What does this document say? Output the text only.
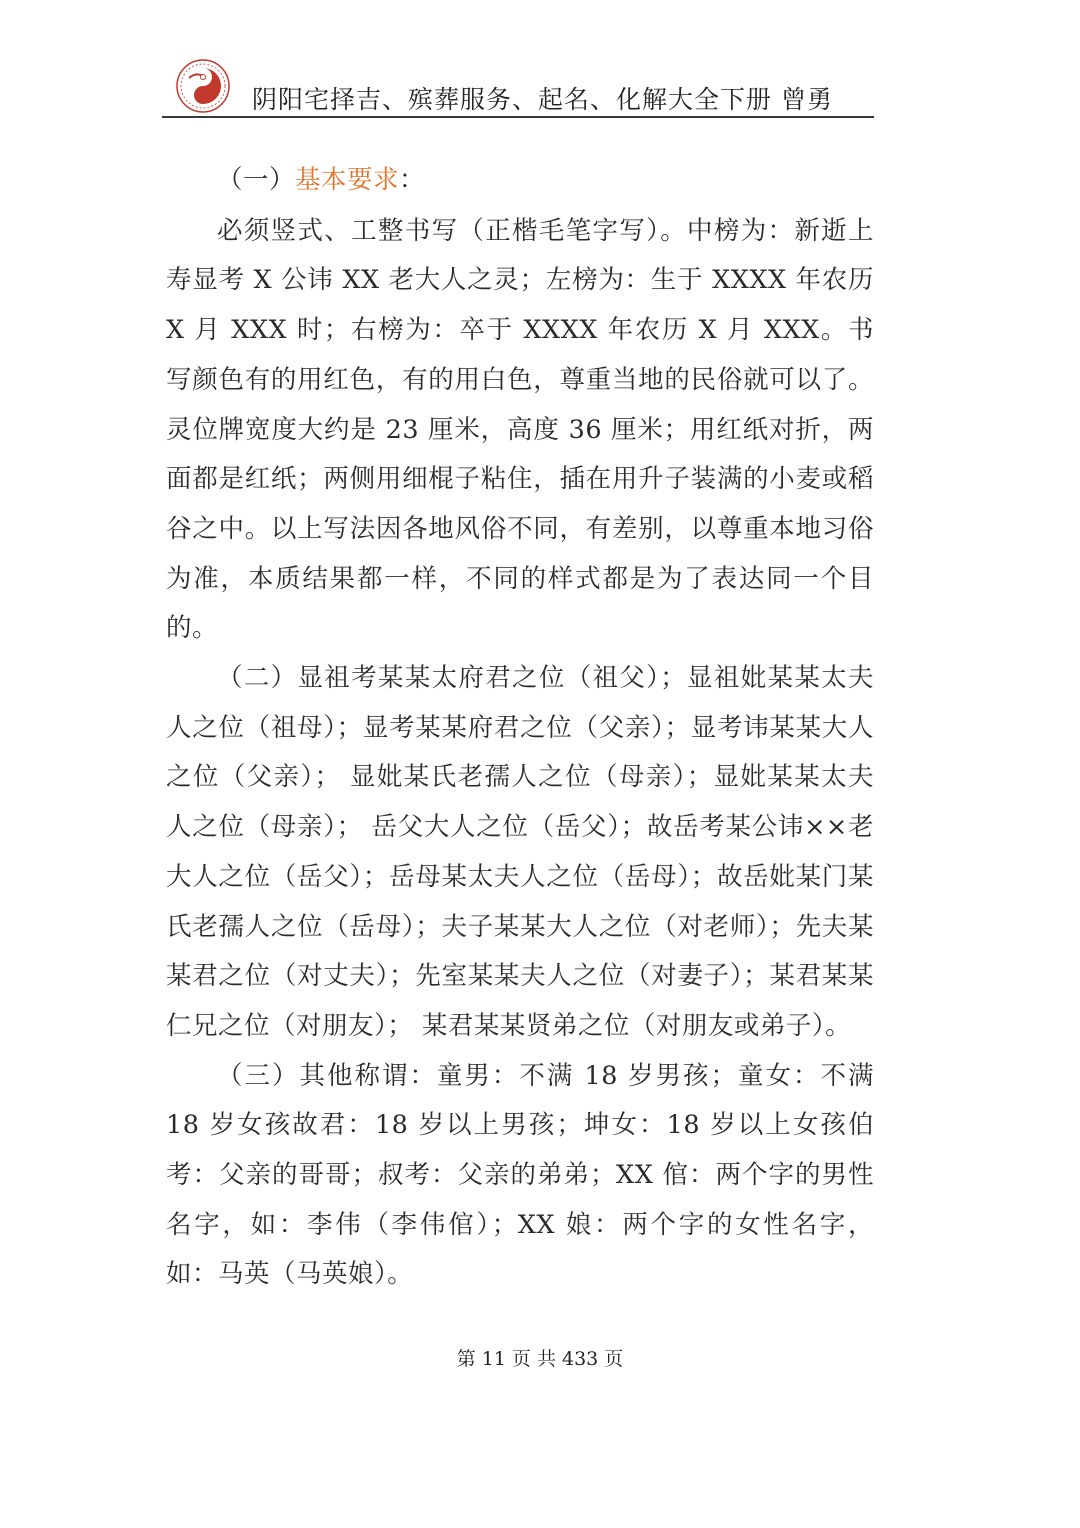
阴阳宅择吉、殡葬服务、起名、化解大全下册 曾勇

（一）基本要求：

必须竖式、工整书写（正楷毛笔字写）。中榜为：新逝上寿显考 X 公讳 XX 老大人之灵；左榜为：生于 XXXX 年农历 X 月 XXX 时；右榜为：卒于 XXXX 年农历 X 月 XXX。书写颜色有的用红色，有的用白色，尊重当地的民俗就可以了。灵位牌宽度大约是 23 厘米，高度 36 厘米；用红纸对折，两面都是红纸；两侧用细棍子粘住，插在用升子装满的小麦或稻谷之中。以上写法因各地风俗不同，有差别，以尊重本地习俗为准，本质结果都一样，不同的样式都是为了表达同一个目的。

（二）显祖考某某太府君之位（祖父）；显祖妣某某太夫人之位（祖母）；显考某某府君之位（父亲）；显考讳某某大人之位（父亲）； 显妣某氏老孺人之位（母亲）；显妣某某太夫人之位（母亲）； 岳父大人之位（岳父）；故岳考某公讳××老大人之位（岳父）；岳母某太夫人之位（岳母）；故岳妣某门某氏老孺人之位（岳母）；夫子某某大人之位（对老师）；先夫某某君之位（对丈夫）；先室某某夫人之位（对妻子）；某君某某仁兄之位（对朋友）； 某君某某贤弟之位（对朋友或弟子）。

（三）其他称谓：童男：不满 18 岁男孩；童女：不满 18 岁女孩故君：18 岁以上男孩；坤女：18 岁以上女孩伯考：父亲的哥哥；叔考：父亲的弟弟；XX 倌：两个字的男性名字，如：李伟（李伟倌）；XX 娘：两个字的女性名字，如：马英（马英娘）。

第 11 页 共 433 页
